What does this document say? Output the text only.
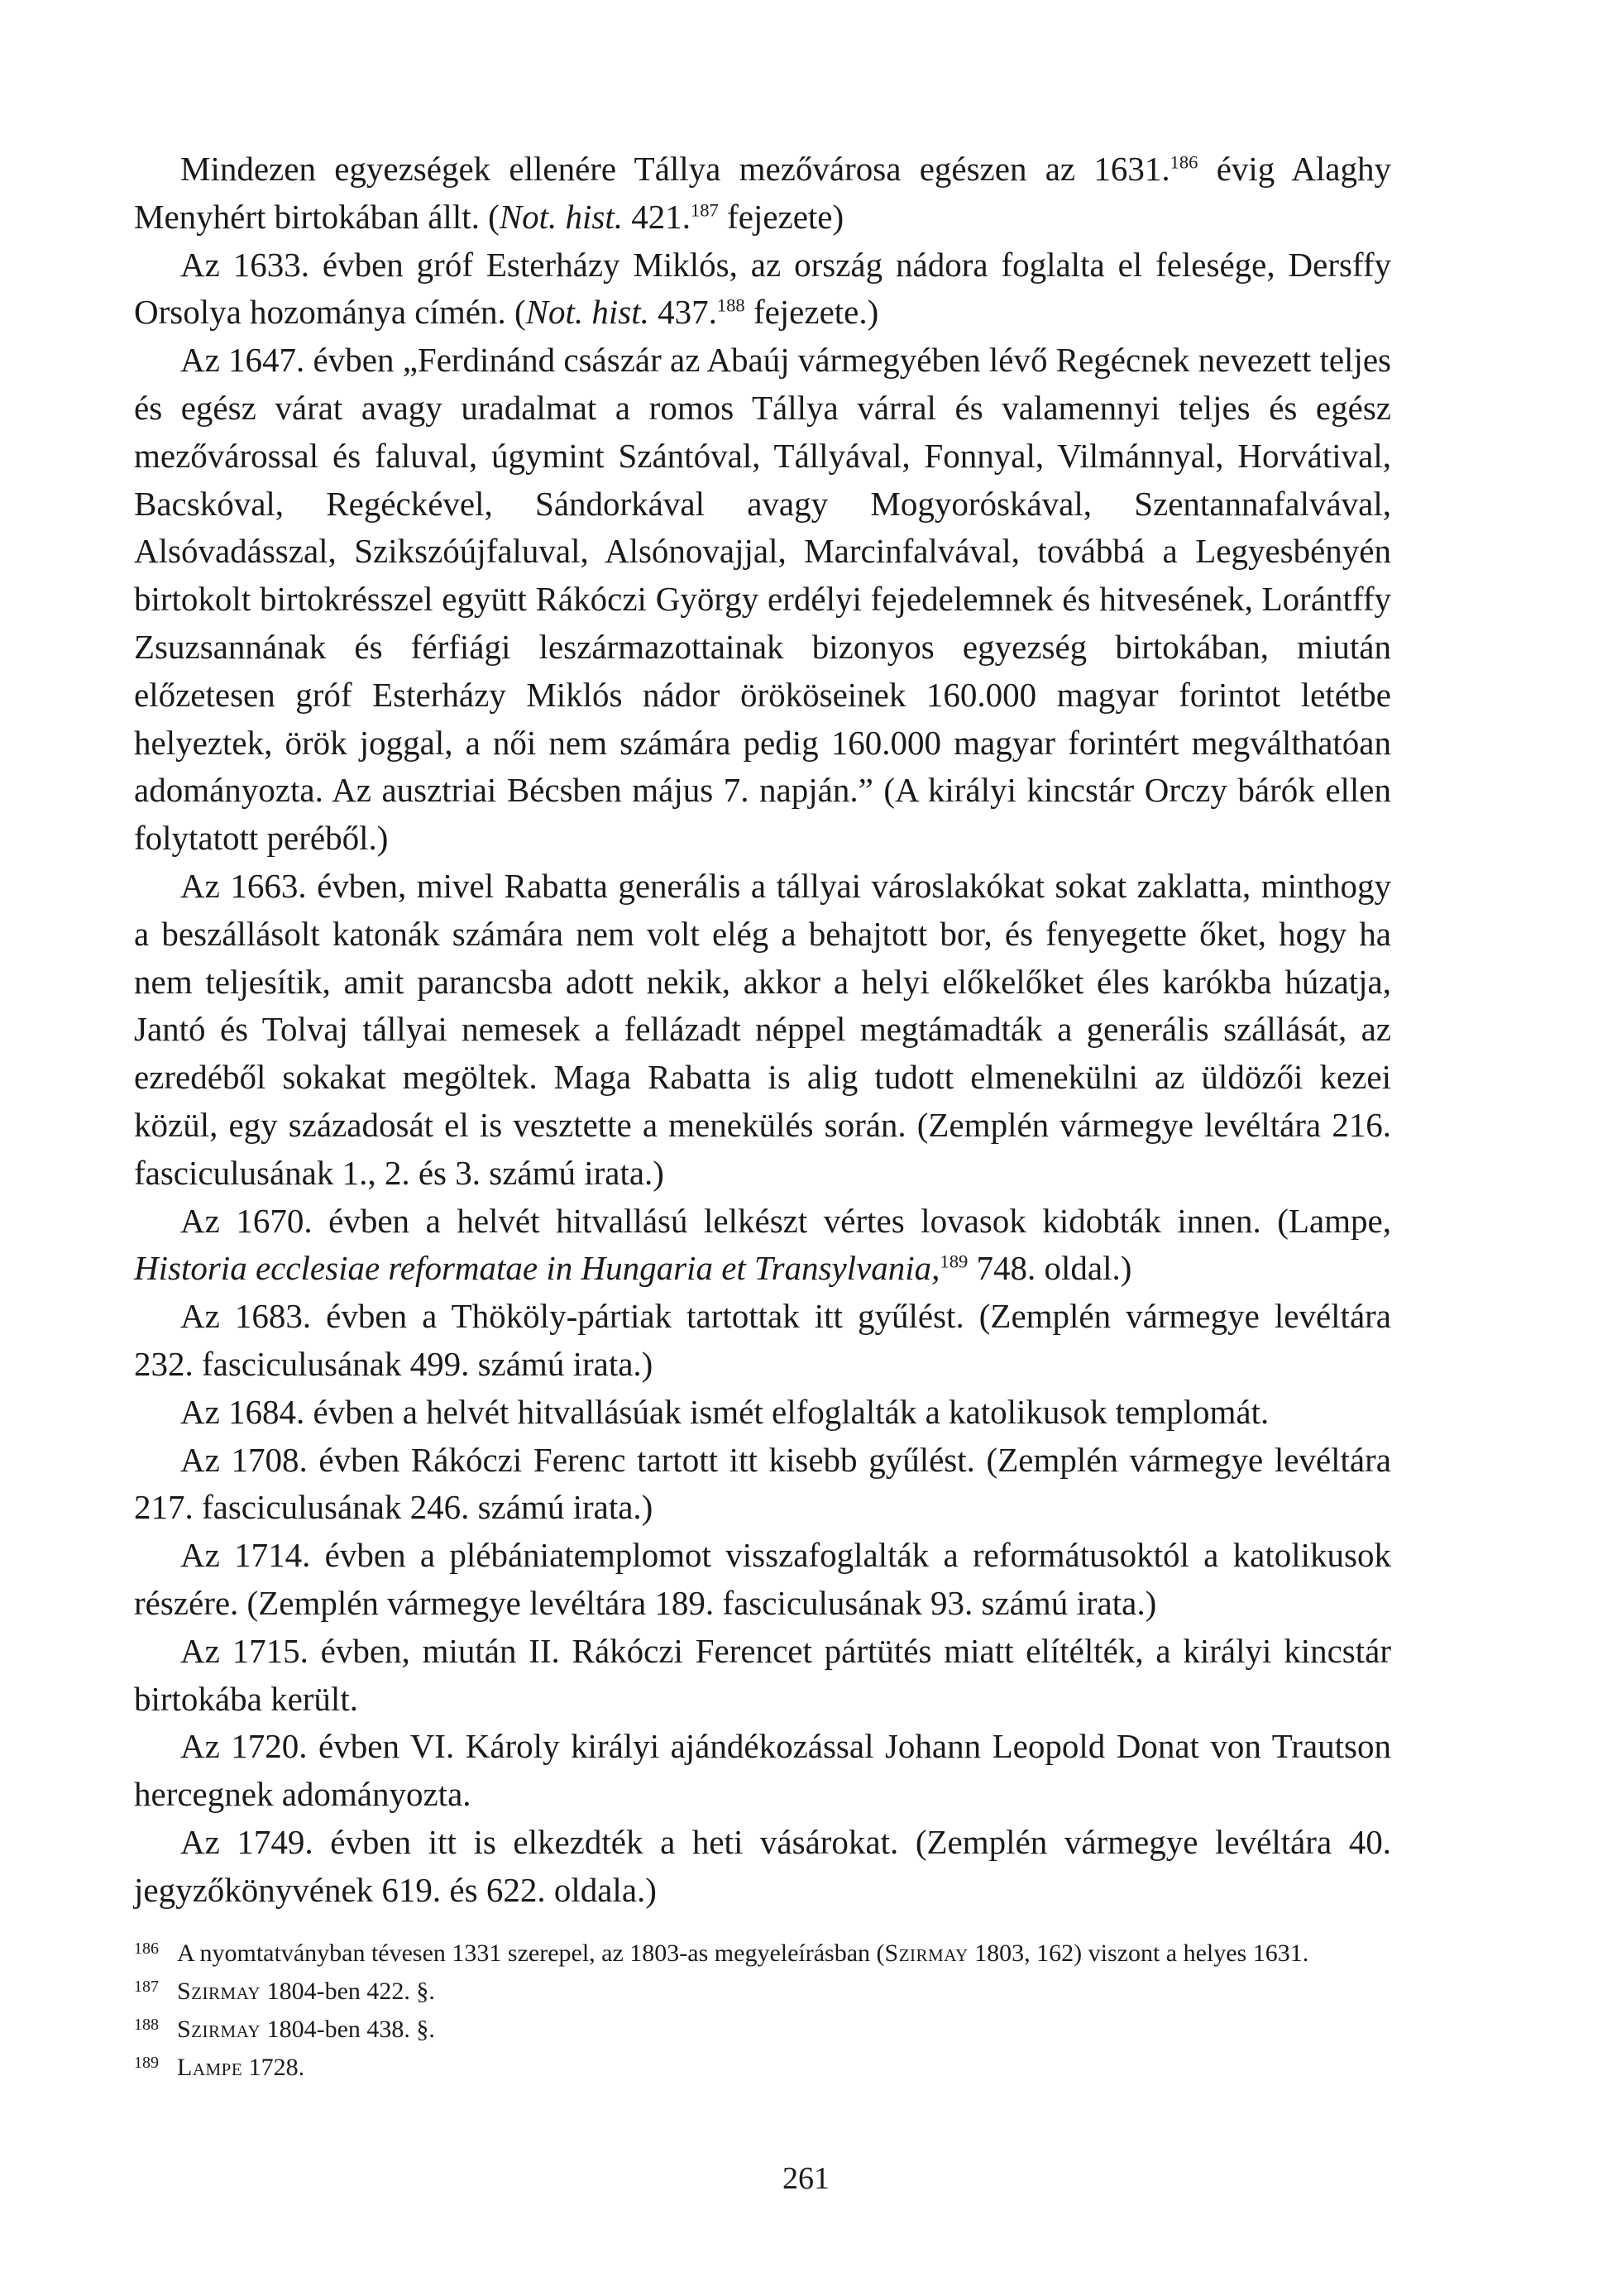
Mindezen egyezségek ellenére Tállya mezővárosa egészen az 1631.$^{186}$ évig Alaghy Menyhért birtokában állt. (Not. hist. 421.$^{187}$ fejezete)

Az 1633. évben gróf Esterházy Miklós, az ország nádora foglalta el felesége, Dersffy Orsolya hozománya címén. (Not. hist. 437.$^{188}$ fejezete.)

Az 1647. évben „Ferdinánd császár az Abaúj vármegyében lévő Regécnek nevezett teljes és egész várat avagy uradalmat a romos Tállya várral és valamennyi teljes és egész mezővárossal és faluval, úgymint Szántóval, Tállyával, Fonnyal, Vilmánnyal, Horvátival, Bacskóval, Regéckével, Sándorkával avagy Mogyoróskával, Szentannafalvával, Alsóvadásszal, Szikszóújfaluval, Alsónovajjal, Marcinfalvával, továbbá a Legyesbényén birtokolt birtokrésszel együtt Rákóczi György erdélyi fejedelemnek és hitvesének, Lorántffy Zsuzsannának és férfiági leszármazottainak bizonyos egyezség birtokában, miután előzetesen gróf Esterházy Miklós nádor örököseinek 160.000 magyar forintot letétbe helyeztek, örök joggal, a női nem számára pedig 160.000 magyar forintért megválthatóan adományozta. Az ausztriai Bécsben május 7. napján.” (A királyi kincstár Orczy bárók ellen folytatott peréből.)

Az 1663. évben, mivel Rabatta generális a tállyai városlakókat sokat zaklatta, minthogy a beszállásolt katonák számára nem volt elég a behajtott bor, és fenyegette őket, hogy ha nem teljesítik, amit parancsba adott nekik, akkor a helyi előkelőket éles karókba húzatja, Jantó és Tolvaj tállyai nemesek a fellázadt néppel megtámadták a generális szállását, az ezredéből sokakat megöltek. Maga Rabatta is alig tudott elmenekülni az üldözői kezei közül, egy századosát el is vesztette a menekülés során. (Zemplén vármegye levéltára 216. fasciculusának 1., 2. és 3. számú irata.)

Az 1670. évben a helvét hitvallású lelkészt vértes lovasok kidobták innen. (Lampe, Historia ecclesiae reformatae in Hungaria et Transylvania,$^{189}$ 748. oldal.)

Az 1683. évben a Thököly-pártiak tartottak itt gyűlést. (Zemplén vármegye levéltára 232. fasciculusának 499. számú irata.)

Az 1684. évben a helvét hitvallásúak ismét elfoglalták a katolikusok templomát.

Az 1708. évben Rákóczi Ferenc tartott itt kisebb gyűlést. (Zemplén vármegye levéltára 217. fasciculusának 246. számú irata.)

Az 1714. évben a plébániatemplomot visszafoglalták a reformátusoktól a katolikusok részére. (Zemplén vármegye levéltára 189. fasciculusának 93. számú irata.)

Az 1715. évben, miután II. Rákóczi Ferencet pártütés miatt elítélték, a királyi kincstár birtokába került.

Az 1720. évben VI. Károly királyi ajándékozással Johann Leopold Donat von Trautson hercegnek adományozta.

Az 1749. évben itt is elkezdték a heti vásárokat. (Zemplén vármegye levéltára 40. jegyzőkönyvének 619. és 622. oldala.)

186 A nyomtatványban tévesen 1331 szerepel, az 1803-as megyeleírásban (Szirmay 1803, 162) viszont a helyes 1631.

187 Szirmay 1804-ben 422. §.

188 Szirmay 1804-ben 438. §.

189 Lampe 1728.

261
